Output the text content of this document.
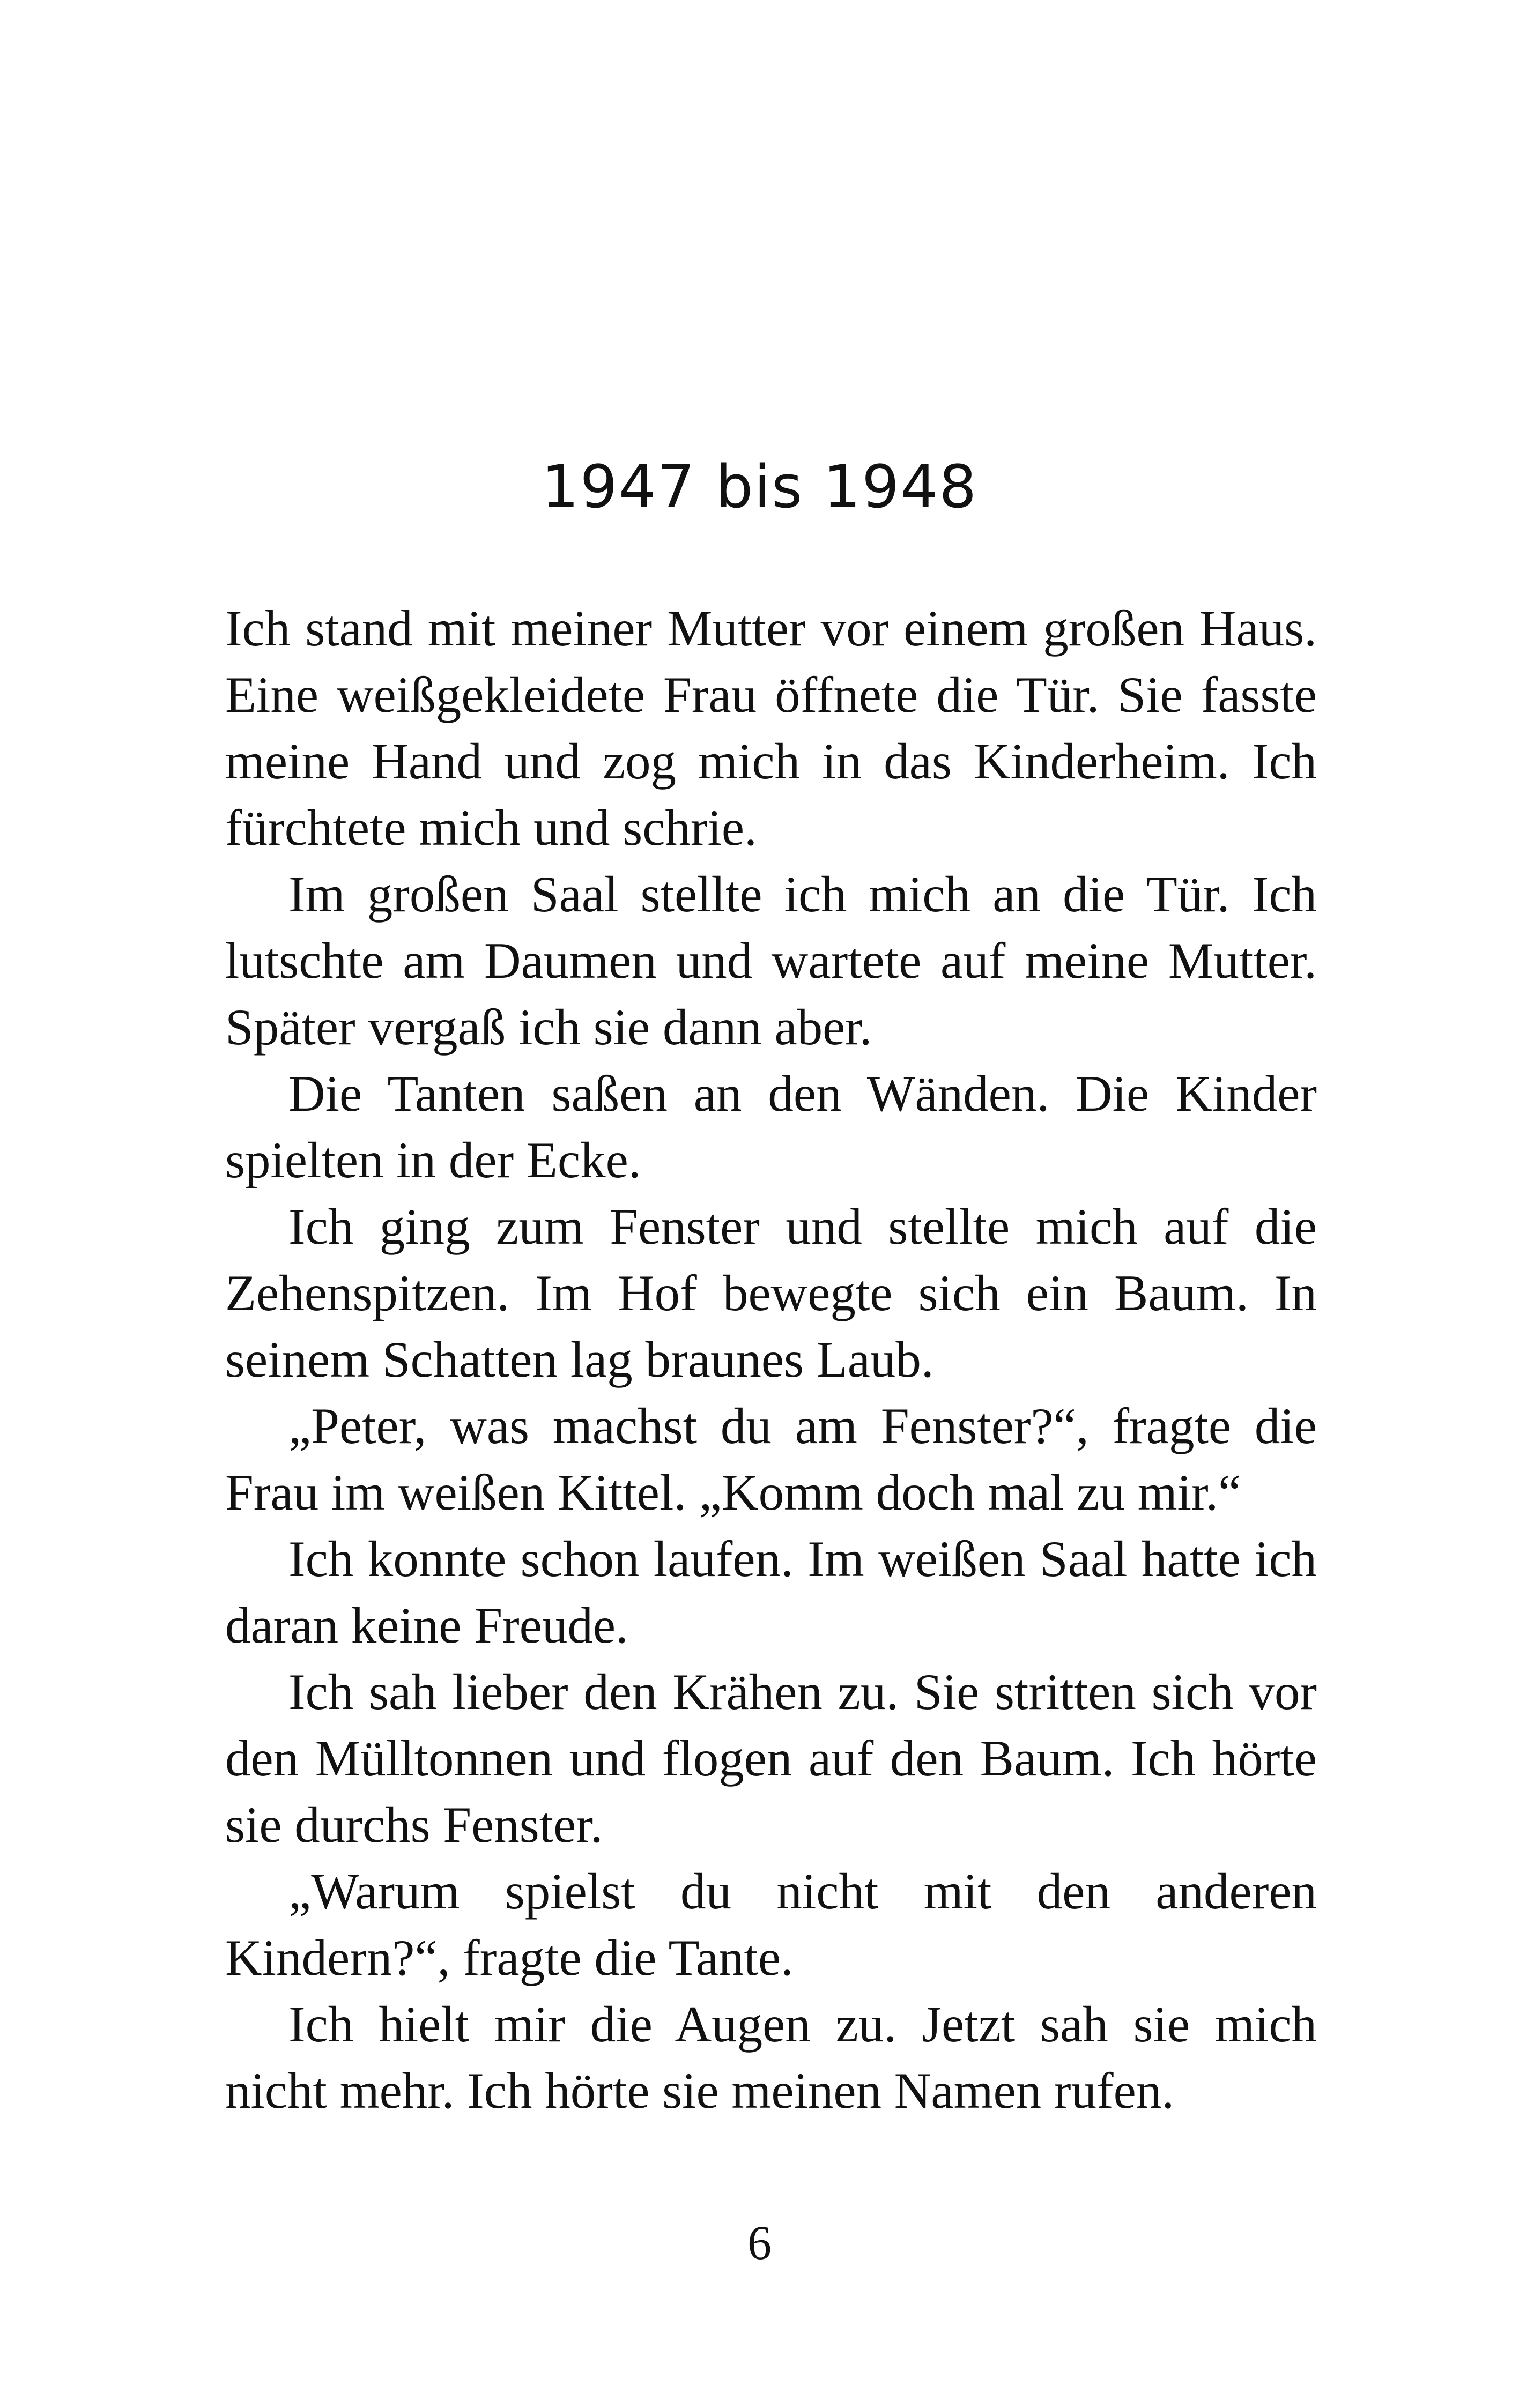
1947 bis 1948

Ich stand mit meiner Mutter vor einem großen Haus. Eine weißgekleidete Frau öffnete die Tür. Sie fasste meine Hand und zog mich in das Kinderheim. Ich fürchtete mich und schrie.

Im großen Saal stellte ich mich an die Tür. Ich lutschte am Daumen und wartete auf meine Mutter. Später vergaß ich sie dann aber.

Die Tanten saßen an den Wänden. Die Kinder spielten in der Ecke.

Ich ging zum Fenster und stellte mich auf die Zehenspitzen. Im Hof bewegte sich ein Baum. In seinem Schatten lag braunes Laub.

„Peter, was machst du am Fenster?“, fragte die Frau im weißen Kittel. „Komm doch mal zu mir.“

Ich konnte schon laufen. Im weißen Saal hatte ich daran keine Freude.

Ich sah lieber den Krähen zu. Sie stritten sich vor den Mülltonnen und flogen auf den Baum. Ich hörte sie durchs Fenster.

„Warum spielst du nicht mit den anderen Kindern?“, fragte die Tante.

Ich hielt mir die Augen zu. Jetzt sah sie mich nicht mehr. Ich hörte sie meinen Namen rufen.

6
